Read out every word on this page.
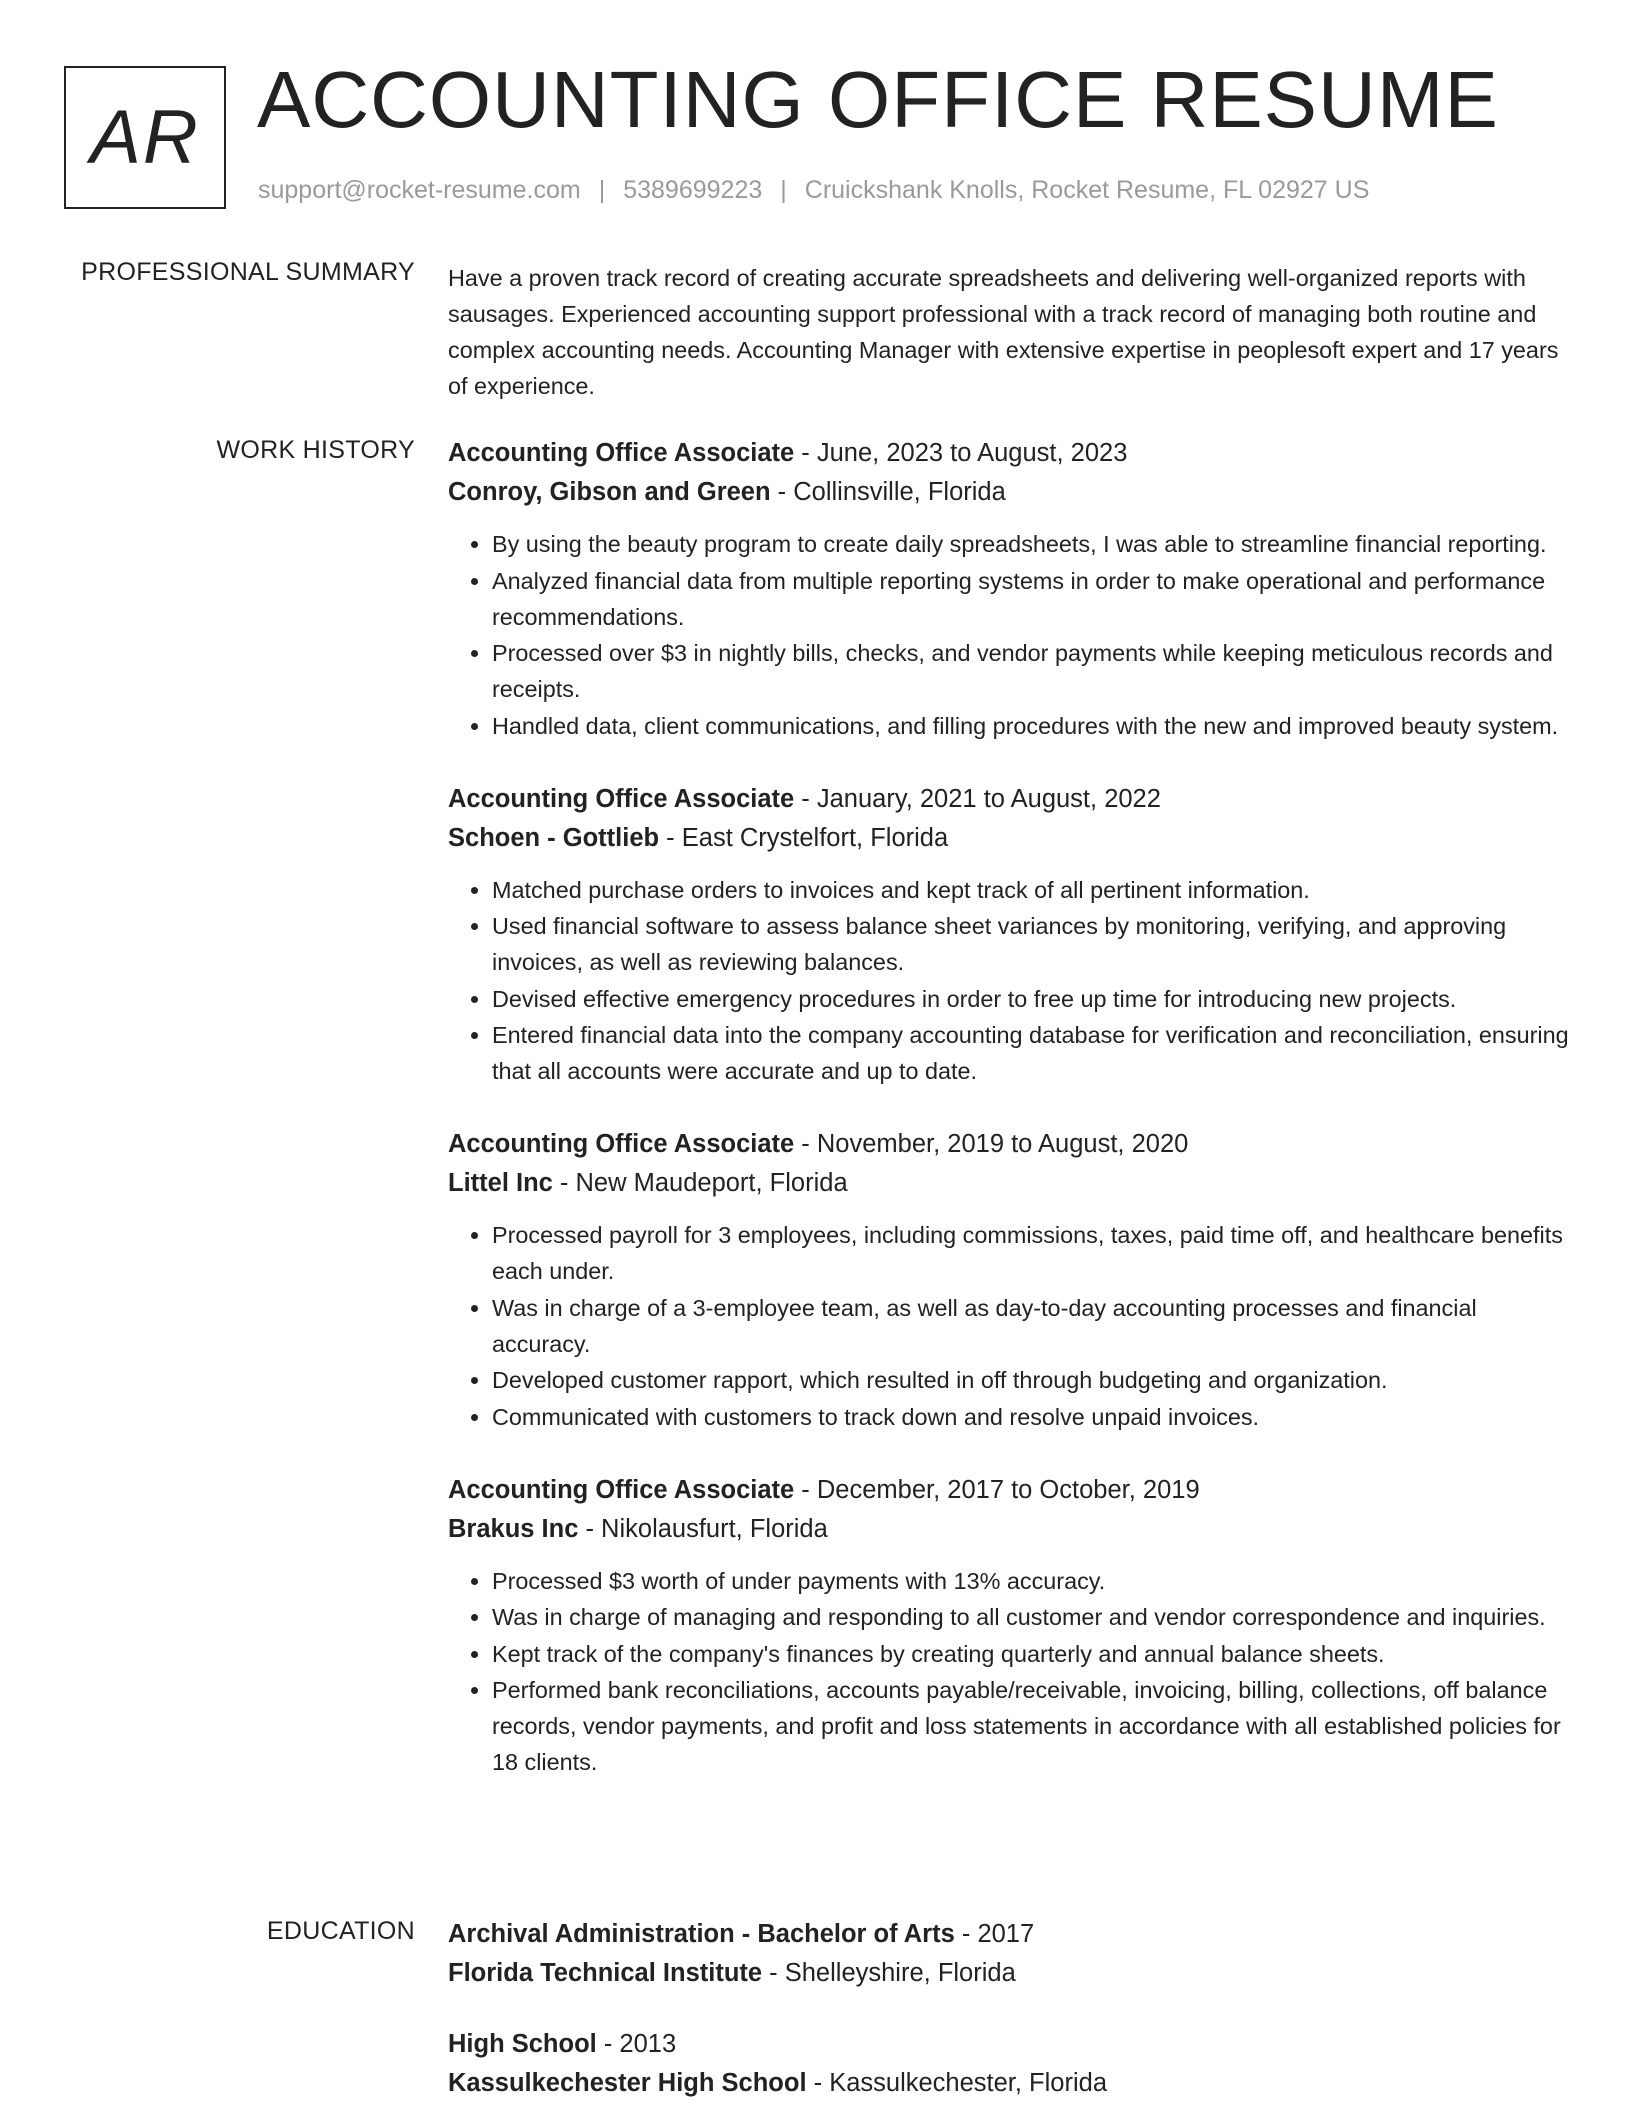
AR ACCOUNTING OFFICE RESUME
support@rocket-resume.com | 5389699223 | Cruickshank Knolls, Rocket Resume, FL 02927 US
PROFESSIONAL SUMMARY Have a proven track record of creating accurate spreadsheets and delivering well-organized reports with sausages. Experienced accounting support professional with a track record of managing both routine and complex accounting needs. Accounting Manager with extensive expertise in peoplesoft expert and 17 years of experience.

WORK HISTORY Accounting Office Associate - June, 2023 to August, 2023
Conroy, Gibson and Green - Collinsville, Florida
• By using the beauty program to create daily spreadsheets, I was able to streamline financial reporting.
• Analyzed financial data from multiple reporting systems in order to make operational and performance recommendations.
• Processed over $3 in nightly bills, checks, and vendor payments while keeping meticulous records and receipts.
• Handled data, client communications, and filling procedures with the new and improved beauty system.
Accounting Office Associate - January, 2021 to August, 2022
Schoen - Gottlieb - East Crystelfort, Florida
• Matched purchase orders to invoices and kept track of all pertinent information.
• Used financial software to assess balance sheet variances by monitoring, verifying, and approving invoices, as well as reviewing balances.
• Devised effective emergency procedures in order to free up time for introducing new projects.
• Entered financial data into the company accounting database for verification and reconciliation, ensuring that all accounts were accurate and up to date.
Accounting Office Associate - November, 2019 to August, 2020
Littel Inc - New Maudeport, Florida
• Processed payroll for 3 employees, including commissions, taxes, paid time off, and healthcare benefits each under.
• Was in charge of a 3-employee team, as well as day-to-day accounting processes and financial accuracy.
• Developed customer rapport, which resulted in off through budgeting and organization.
• Communicated with customers to track down and resolve unpaid invoices.
Accounting Office Associate - December, 2017 to October, 2019
Brakus Inc - Nikolausfurt, Florida
• Processed $3 worth of under payments with 13% accuracy.
• Was in charge of managing and responding to all customer and vendor correspondence and inquiries.
• Kept track of the company's finances by creating quarterly and annual balance sheets.
• Performed bank reconciliations, accounts payable/receivable, invoicing, billing, collections, off balance records, vendor payments, and profit and loss statements in accordance with all established policies for 18 clients.
EDUCATION Archival Administration - Bachelor of Arts - 2017
Florida Technical Institute - Shelleyshire, Florida
High School - 2013
Kassulkechester High School - Kassulkechester, Florida
